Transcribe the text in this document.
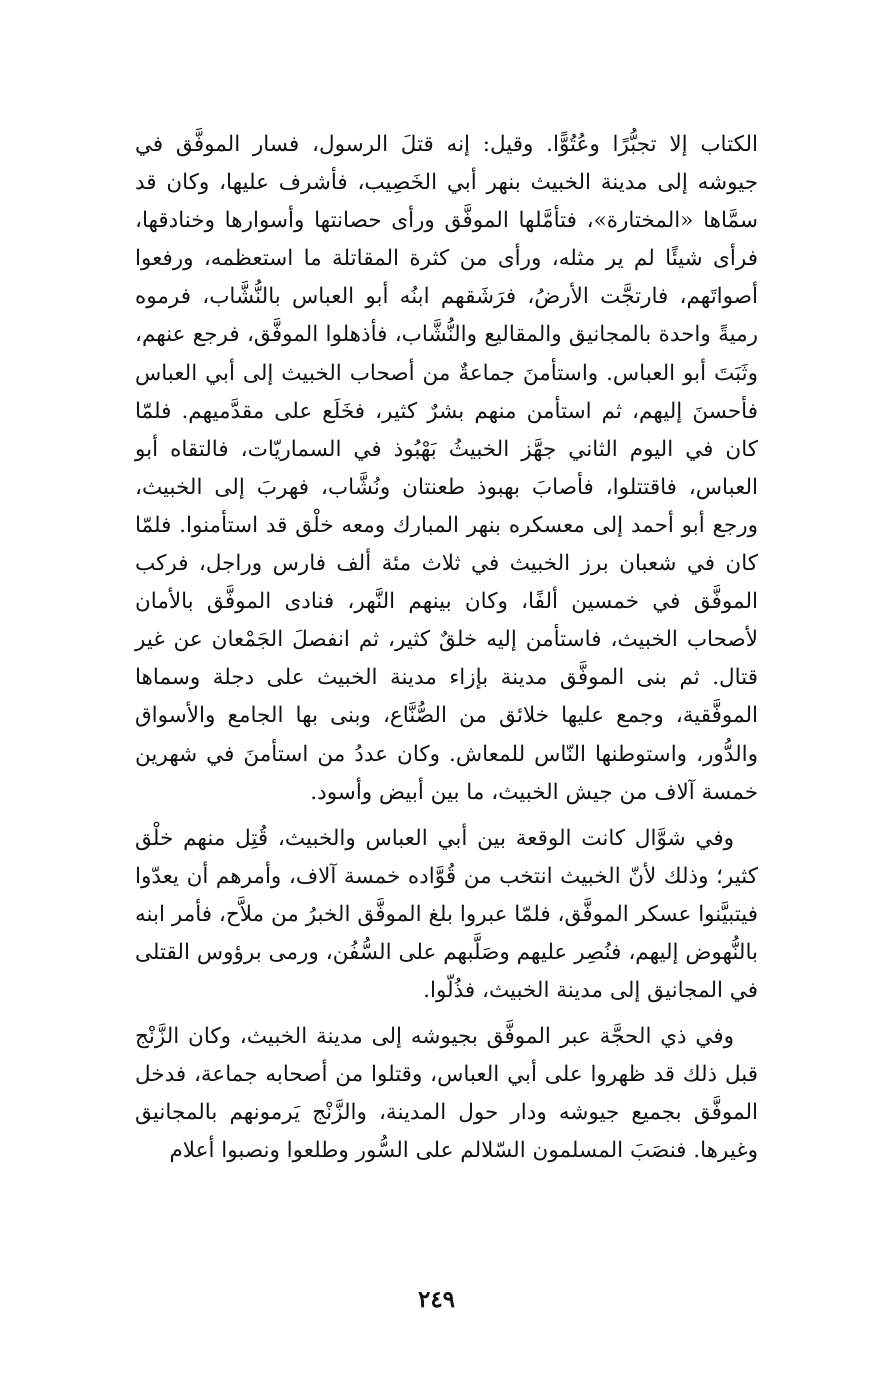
الكتاب إلا تجبُّرًا وعُتُوًّا. وقيل: إنه قتلَ الرسول، فسار الموفَّق في جيوشه إلى مدينة الخبيث بنهر أبي الخَصِيب، فأشرف عليها، وكان قد سمَّاها «المختارة»، فتأمَّلها الموفَّق ورأى حصانتها وأسوارها وخنادقها، فرأى شيئًا لم ير مثله، ورأى من كثرة المقاتلة ما استعظمه، ورفعوا أصواتَهم، فارتجَّت الأرضُ، فرَشَقهم ابنُه أبو العباس بالنُّشَّاب، فرموه رميةً واحدة بالمجانيق والمقاليع والنُّشَّاب، فأذهلوا الموفَّق، فرجع عنهم، وثَبَتَ أبو العباس. واستأمنَ جماعةٌ من أصحاب الخبيث إلى أبي العباس فأحسنَ إليهم، ثم استأمن منهم بشرٌ كثير، فخَلَع على مقدَّميهم. فلمّا كان في اليوم الثاني جهَّز الخبيثُ بَهْبُوذ في السماريّات، فالتقاه أبو العباس، فاقتتلوا، فأصابَ بهبوذ طعنتان ونُشَّاب، فهربَ إلى الخبيث، ورجع أبو أحمد إلى معسكره بنهر المبارك ومعه خلْق قد استأمنوا. فلمّا كان في شعبان برز الخبيث في ثلاث مئة ألف فارس وراجل، فركب الموفَّق في خمسين ألفًا، وكان بينهم النَّهر، فنادى الموفَّق بالأمان لأصحاب الخبيث، فاستأمن إليه خلقٌ كثير، ثم انفصلَ الجَمْعان عن غير قتال. ثم بنى الموفَّق مدينة بإزاء مدينة الخبيث على دجلة وسماها الموفَّقية، وجمع عليها خلائق من الصُّنَّاع، وبنى بها الجامع والأسواق والدُّور، واستوطنها النّاس للمعاش. وكان عددُ من استأمنَ في شهرين خمسة آلاف من جيش الخبيث، ما بين أبيض وأسود.

وفي شوَّال كانت الوقعة بين أبي العباس والخبيث، قُتِل منهم خلْق كثير؛ وذلك لأنّ الخبيث انتخب من قُوَّاده خمسة آلاف، وأمرهم أن يعدّوا فيتبيَّنوا عسكر الموفَّق، فلمّا عبروا بلغ الموفَّق الخبرُ من ملاَّح، فأمر ابنه بالنُّهوض إليهم، فنُصِر عليهم وصَلَّبهم على السُّفُن، ورمى برؤوس القتلى في المجانيق إلى مدينة الخبيث، فذُلّوا.

وفي ذي الحجَّة عبر الموفَّق بجيوشه إلى مدينة الخبيث، وكان الزَّنْج قبل ذلك قد ظهروا على أبي العباس، وقتلوا من أصحابه جماعة، فدخل الموفَّق بجميع جيوشه ودار حول المدينة، والزَّنْج يَرمونهم بالمجانيق وغيرها. فنصَبَ المسلمون السّلالم على السُّور وطلعوا ونصبوا أعلام

٢٤٩
